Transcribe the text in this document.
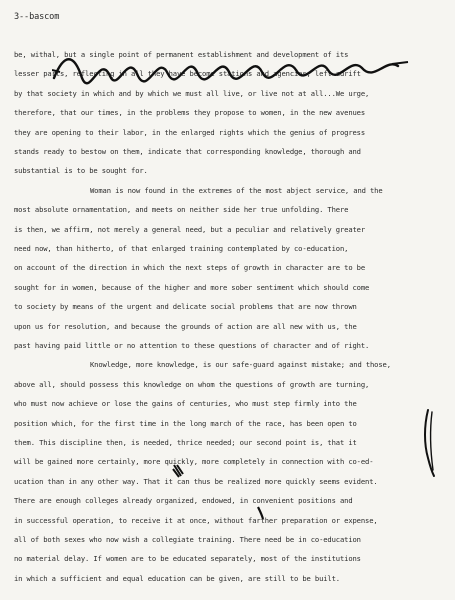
3--bascom
be, withal, but a single point of permanent establishment and development of its
lesser parts, reflecting in all they have become stations and agencies, left adrift
by that society in which and by which we must all live, or live not at all...We urge,
therefore, that our times, in the problems they propose to women, in the new avenues
they are opening to their labor, in the enlarged rights which the genius of progress
stands ready to bestow on them, indicate that corresponding knowledge, thorough and
substantial is to be sought for.
Woman is now found in the extremes of the most abject service, and the
most absolute ornamentation, and meets on neither side her true unfolding. There
is then, we affirm, not merely a general need, but a peculiar and relatively greater
need now, than hitherto, of that enlarged training contemplated by co-education,
on account of the direction in which the next steps of growth in character are to be
sought for in women, because of the higher and more sober sentiment which should come
to society by means of the urgent and delicate social problems that are now thrown
upon us for resolution, and because the grounds of action are all new with us, the
past having paid little or no attention to these questions of character and of right.
Knowledge, more knowledge, is our safe-guard against mistake; and those,
above all, should possess this knowledge on whom the questions of growth are turning,
who must now achieve or lose the gains of centuries, who must step firmly into the
position which, for the first time in the long march of the race, has been open to
them. This discipline then, is needed, thrice needed; our second point is, that it
will be gained more certainly, more quickly, more completely in connection with co-ed-
ucation than in any other way. That it can thus be realized more quickly seems evident.
There are enough colleges already organized, endowed, in convenient positions and
in successful operation, to receive it at once, without farther preparation or expense,
all of both sexes who now wish a collegiate training. There need be in co-education
no material delay. If women are to be educated separately, most of the institutions
in which a sufficient and equal education can be given, are still to be built.
